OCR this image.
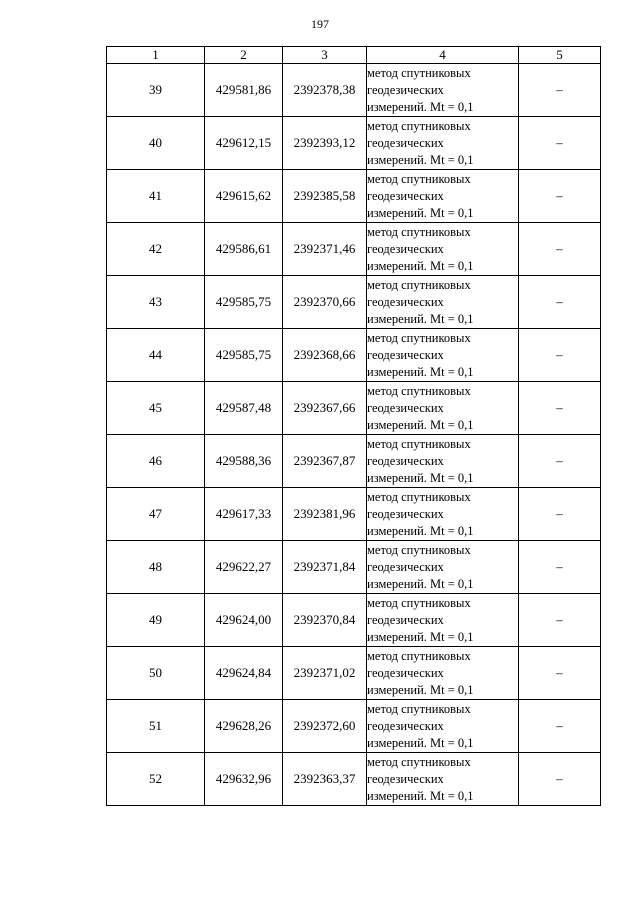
197
1	2	3	4	5
39	429581,86	2392378,38	метод спутниковых
геодезических
измерений. Mt = 0,1	–
40	429612,15	2392393,12	метод спутниковых
геодезических
измерений. Mt = 0,1	–
41	429615,62	2392385,58	метод спутниковых
геодезических
измерений. Mt = 0,1	–
42	429586,61	2392371,46	метод спутниковых
геодезических
измерений. Mt = 0,1	–
43	429585,75	2392370,66	метод спутниковых
геодезических
измерений. Mt = 0,1	–
44	429585,75	2392368,66	метод спутниковых
геодезических
измерений. Mt = 0,1	–
45	429587,48	2392367,66	метод спутниковых
геодезических
измерений. Mt = 0,1	–
46	429588,36	2392367,87	метод спутниковых
геодезических
измерений. Mt = 0,1	–
47	429617,33	2392381,96	метод спутниковых
геодезических
измерений. Mt = 0,1	–
48	429622,27	2392371,84	метод спутниковых
геодезических
измерений. Mt = 0,1	–
49	429624,00	2392370,84	метод спутниковых
геодезических
измерений. Mt = 0,1	–
50	429624,84	2392371,02	метод спутниковых
геодезических
измерений. Mt = 0,1	–
51	429628,26	2392372,60	метод спутниковых
геодезических
измерений. Mt = 0,1	–
52	429632,96	2392363,37	метод спутниковых
геодезических
измерений. Mt = 0,1	–
